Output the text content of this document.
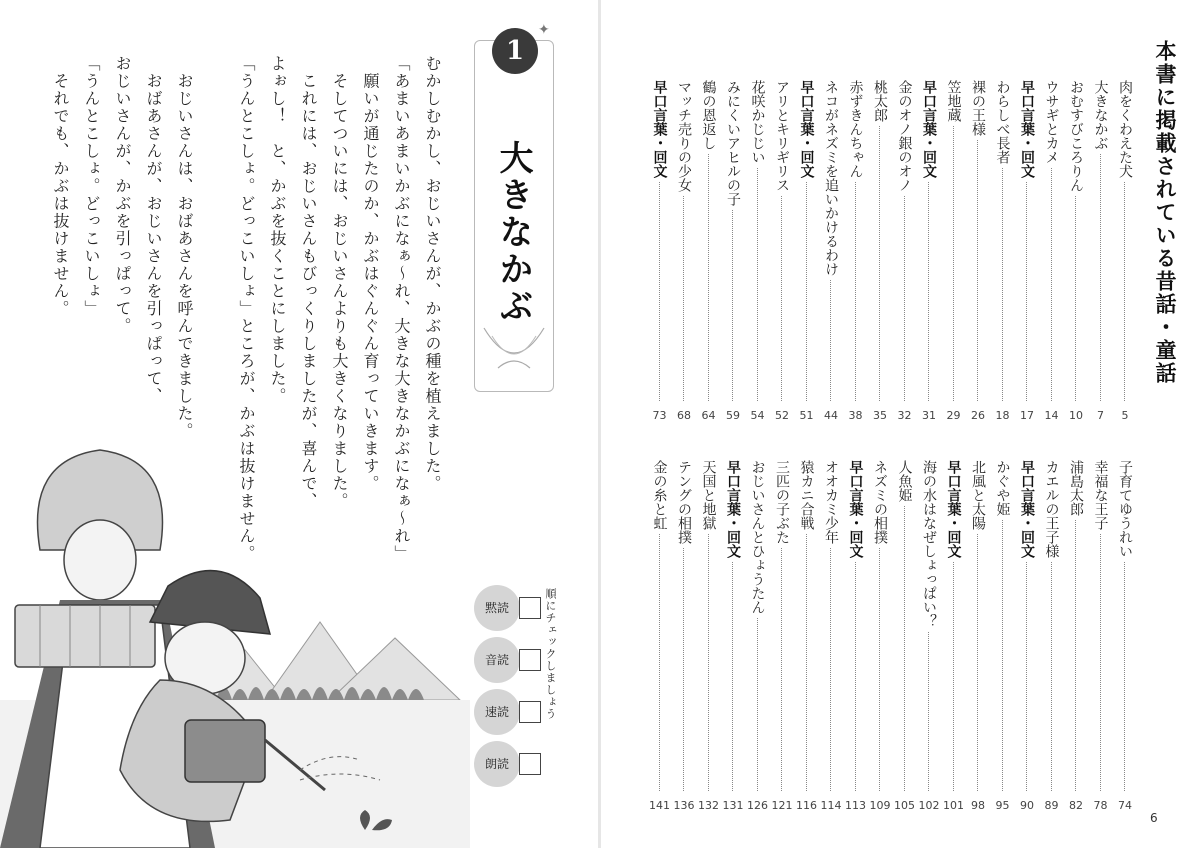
本書に掲載されている昔話・童話
肉をくわえた犬
5
大きなかぶ
7
おむすびころりん
10
ウサギとカメ
14
早口言葉・回文
17
わらしべ長者
18
裸の王様
26
笠地蔵
29
早口言葉・回文
31
金のオノ銀のオノ
32
桃太郎
35
赤ずきんちゃん
38
ネコがネズミを追いかけるわけ
44
早口言葉・回文
51
アリとキリギリス
52
花咲かじじい
54
みにくいアヒルの子
59
鶴の恩返し
64
マッチ売りの少女
68
早口言葉・回文
73
子育てゆうれい
74
幸福な王子
78
浦島太郎
82
カエルの王子様
89
早口言葉・回文
90
かぐや姫
95
北風と太陽
98
早口言葉・回文
101
海の水はなぜしょっぱい？
102
人魚姫
105
ネズミの相撲
109
早口言葉・回文
113
オオカミ少年
114
猿カニ合戦
116
三匹の子ぶた
121
おじいさんとひょうたん
126
早口言葉・回文
131
天国と地獄
132
テングの相撲
136
金の糸と虹
141
6
むかしむかし、おじいさんが、かぶの種を植えました。
「あまいあまいかぶになぁ〜れ、大きな大きなかぶになぁ〜れ」
　願いが通じたのか、かぶはぐんぐん育っていきます。
　そしてついには、おじいさんよりも大きくなりました。
　これには、おじいさんもびっくりしましたが、喜んで、
よぉし！　と、かぶを抜くことにしました。
「うんとこしょ。どっこいしょ」ところが、かぶは抜けません。
　おじいさんは、おばあさんを呼んできました。
　おばあさんが、おじいさんを引っぱって、
おじいさんが、かぶを引っぱって。
「うんとこしょ。どっこいしょ」
　それでも、かぶは抜けません。
1
✦
大きなかぶ
黙読
音読
速読
朗読
順にチェックしましょう
